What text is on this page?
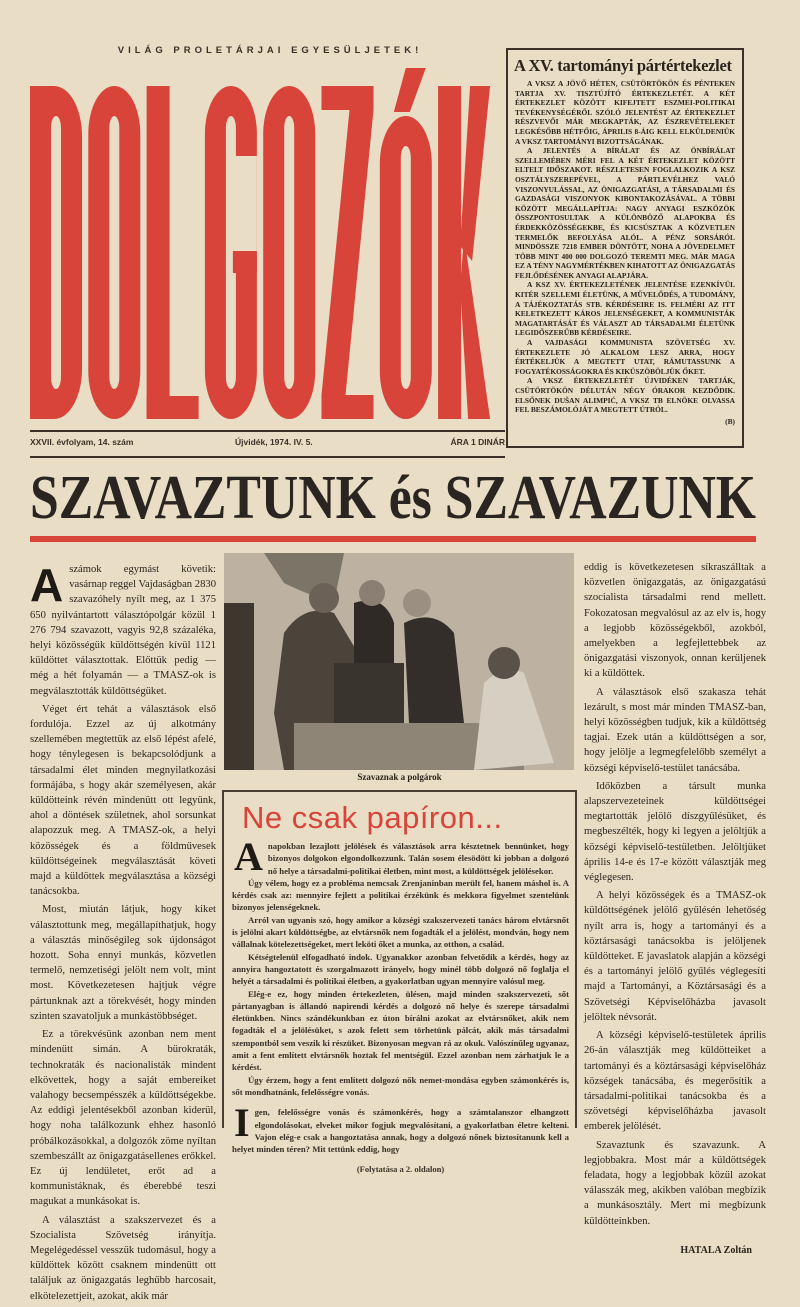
VILÁG PROLETÁRJAI EGYESÜLJETEK!
XXVII. évfolyam, 14. szám	Újvidék, 1974. IV. 5.	ÁRA 1 DINÁR
A XV. tartományi pártértekezlet

A VKSZ A JÖVŐ HÉTEN, CSÜTÖRTÖKÖN ÉS PÉNTEKEN TARTJA XV. TISZTÚJÍTÓ ÉRTEKEZLETÉT. A KÉT ÉRTEKEZLET KÖZÖTT KIFEJTETT ESZMEI-POLITIKAI TEVÉKENYSÉGÉRŐL SZÓLÓ JELENTÉST AZ ÉRTEKEZLET RÉSZVEVŐI MÁR MEGKAPTÁK, AZ ÉSZREVÉTELEKET LEGKÉSŐBB HÉTFŐIG, ÁPRILIS 8-ÁIG KELL ELKÜLDENIÜK A VKSZ TARTOMÁNYI BIZOTTSÁGÁNAK.

A JELENTÉS A BÍRÁLAT ÉS AZ ÖNBÍRÁLAT SZELLEMÉBEN MÉRI FEL A KÉT ÉRTEKEZLET KÖZÖTT ELTELT IDŐSZAKOT. RÉSZLETESEN FOGLALKOZIK A KSZ OSZTÁLYSZEREPÉVEL, A PÁRTLEVÉLHEZ VALÓ VISZONYULÁSSAL, AZ ÖNIGAZGATÁSI, A TÁRSADALMI ÉS GAZDASÁGI VISZONYOK KIBONTAKOZÁSÁVAL. A TÖBBI KÖZÖTT MEGÁLLAPÍTJA: NAGY ANYAGI ESZKÖZÖK ÖSSZPONTOSULTAK A KÜLÖNBÖZŐ ALAPOKBA ÉS ÉRDEKKÖZÖSSÉGEKBE, ÉS KICSÚSZTAK A KÖZVETLEN TERMELŐK BEFOLYÁSA ALÓL. A PÉNZ SORSÁRÓL MINDÖSSZE 7218 EMBER DÖNTÖTT, NOHA A JÖVEDELMET TÖBB MINT 400 000 DOLGOZÓ TEREMTI MEG. MÁR MAGA EZ A TÉNY NAGYMÉRTÉKBEN KIHATOTT AZ ÖNIGAZGATÁS FEJLŐDÉSÉNEK ANYAGI ALAPJÁRA.

A KSZ XV. ÉRTEKEZLETÉNEK JELENTÉSE EZENKÍVÜL KITÉR SZELLEMI ÉLETÜNK, A MŰVELŐDÉS, A TUDOMÁNY, A TÁJÉKOZTATÁS STB. KÉRDÉSEIRE IS. FELMÉRI AZ ITT KELETKEZETT KÁROS JELENSÉGEKET, A KOMMUNISTÁK MAGATARTÁSÁT ÉS VÁLASZT AD TÁRSADALMI ÉLETÜNK LEGIDŐSZERŰBB KÉRDÉSEIRE.

A VAJDASÁGI KOMMUNISTA SZÖVETSÉG XV. ÉRTEKEZLETE JÓ ALKALOM LESZ ARRA, HOGY ÉRTÉKELJÜK A MEGTETT UTAT, RÁMUTASSUNK A FOGYATÉKOSSÁGOKRA ÉS KIKÜSZÖBÖLJÜK ŐKET.

A VKSZ ÉRTEKEZLETÉT ÚJVIDÉKEN TARTJÁK, CSÜTÖRTÖKÖN DÉLUTÁN NÉGY ÓRAKOR KEZDŐDIK. ELSŐNEK DUŠAN ALIMPIĆ, A VKSZ TB ELNÖKE OLVASSA FEL BESZÁMOLÓJÁT A MEGTETT ÚTRÓL.

(B)

SZAVAZTUNK és SZAVAZUNK

Aszámok egymást követik: vasárnap reggel Vajdaságban 2830 szavazóhely nyílt meg, az 1 375 650 nyilvántartott választópolgár közül 1 276 794 szavazott, vagyis 92,8 százaléka, helyi közösségük küldöttségén kívül 1121 küldöttet választottak. Előttük pedig — még a hét folyamán — a TMASZ-ok is megválasztották küldöttségüket.

Véget ért tehát a választások első fordulója. Ezzel az új alkotmány szellemében megtettük az első lépést afelé, hogy ténylegesen is bekapcsolódjunk a társadalmi élet minden megnyilatkozási formájába, s hogy akár személyesen, akár küldötteink révén mindenütt ott legyünk, ahol a döntések születnek, ahol sorsunkat alapozzuk meg. A TMASZ-ok, a helyi közösségek és a földművesek küldöttségeinek megválasztását követi majd a küldöttek megválasztása a községi tanácsokba.

Most, miután látjuk, hogy kiket választottunk meg, megállapíthatjuk, hogy a választás minőségileg sok újdonságot hozott. Soha ennyi munkás, közvetlen termelő, nemzetiségi jelölt nem volt, mint most. Következetesen hajtjuk végre pártunknak azt a törekvését, hogy minden szinten szavatoljuk a munkástöbbséget.

Ez a törekvésünk azonban nem ment mindenütt simán. A bürokraták, technokraták és nacionalisták mindent elkövettek, hogy a saját embereiket valahogy becsempésszék a küldöttségekbe. Az eddigi jelentésekből azonban kiderül, hogy noha találkozunk ehhez hasonló próbálkozásokkal, a dolgozók zöme nyíltan szembeszállt az önigazgatásellenes erőkkel. Ez új lendületet, erőt ad a kommunistáknak, és éberebbé teszi magukat a munkásokat is.

A választást a szakszervezet és a Szocialista Szövetség irányítja. Megelégedéssel vesszük tudomásul, hogy a küldöttek között csaknem mindenütt ott találjuk az önigazgatás leghűbb harcosait, elkötelezettjeit, azokat, akik már

Szavaznak a polgárok
Ne csak papíron...

Anapokban lezajlott jelölések és választások arra késztetnek bennünket, hogy bizonyos dolgokon elgondolkozzunk. Talán sosem élesödött ki jobban a dolgozó nő helye a társadalmi-politikai életben, mint most, a küldöttségek jelölésekor.

Úgy vélem, hogy ez a probléma nemcsak Zrenjaninban merült fel, hanem máshol is. A kérdés csak az: mennyire fejlett a politikai érzékünk és mekkora figyelmet szentelünk bizonyos jelenségeknek.

Arról van ugyanis szó, hogy amikor a községi szakszervezeti tanács három elvtársnőt is jelölni akart küldöttségbe, az elvtársnők nem fogadták el a jelölést, mondván, hogy nem vállalnak kötelezettségeket, mert leköti őket a munka, az otthon, a család.

Kétségtelenül elfogadható indok. Ugyanakkor azonban felvetődik a kérdés, hogy az annyira hangoztatott és szorgalmazott irányelv, hogy minél több dolgozó nő foglalja el helyét a társadalmi és politikai életben, a gyakorlatban ugyan mennyire valósul meg.

Elég-e ez, hogy minden értekezleten, ülésen, majd minden szakszervezeti, sőt pártanyagban is állandó napirendi kérdés a dolgozó nő helye és szerepe társadalmi életünkben. Nincs szándékunkban ez úton bírálni azokat az elvtársnőket, akik nem fogadták el a jelölésüket, s azok felett sem törhetünk pálcát, akik más társadalmi szempontból sem veszik ki részüket. Bizonyosan megvan rá az okuk. Valószínűleg ugyanaz, amit a fent említett elvtársnők hoztak fel mentségül. Ezzel azonban nem zárhatjuk le a kérdést.

Úgy érzem, hogy a fent említett dolgozó nők nemet-mondása egyben számonkérés is, sőt mondhatnánk, felelősségre vonás.

Igen, felelősségre vonás és számonkérés, hogy a számtalanszor elhangzott elgondolásokat, elveket mikor fogjuk megvalósítani, a gyakorlatban életre kelteni. Vajon elég-e csak a hangoztatása annak, hogy a dolgozó nőnek biztosítanunk kell a helyet minden téren? Mit tettünk eddig, hogy

(Folytatása a 2. oldalon)

eddig is következetesen síkraszálltak a közvetlen önigazgatás, az önigazgatású szocialista társadalmi rend mellett. Fokozatosan megvalósul az az elv is, hogy a legjobb közösségekből, azokból, amelyekben a legfejlettebbek az önigazgatási viszonyok, onnan kerüljenek ki a küldöttek.

A választások első szakasza tehát lezárult, s most már minden TMASZ-ban, helyi közösségben tudjuk, kik a küldöttség tagjai. Ezek után a küldöttségen a sor, hogy jelölje a legmegfelelőbb személyt a községi képviselő-testület tanácsába.

Időközben a társult munka alapszervezeteinek küldöttségei megtartották jelölő díszgyűlésüket, és megbeszélték, hogy ki legyen a jelöltjük a községi képviselő-testületben. Jelöltjüket április 14-e és 17-e között választják meg véglegesen.

A helyi közösségek és a TMASZ-ok küldöttségének jelölő gyűlésén lehetőség nyílt arra is, hogy a tartományi és a köztársasági tanácsokba is jelöljenek küldötteket. E javaslatok alapján a községi és a tartományi jelölő gyűlés véglegesíti majd a Tartományi, a Köztársasági és a Szövetségi Képviselőházba javasolt jelöltek névsorát.

A községi képviselő-testületek április 26-án választják meg küldötteiket a tartományi és a köztársasági képviselőház községek tanácsába, és megerősítik a társadalmi-politikai tanácsokba és a szövetségi képviselőházba javasolt emberek jelölését.

Szavaztunk és szavazunk. A legjobbakra. Most már a küldöttségek feladata, hogy a legjobbak közül azokat válasszák meg, akikben valóban megbízik a munkásosztály. Mert mi megbízunk küldötteinkben.

HATALA Zoltán
